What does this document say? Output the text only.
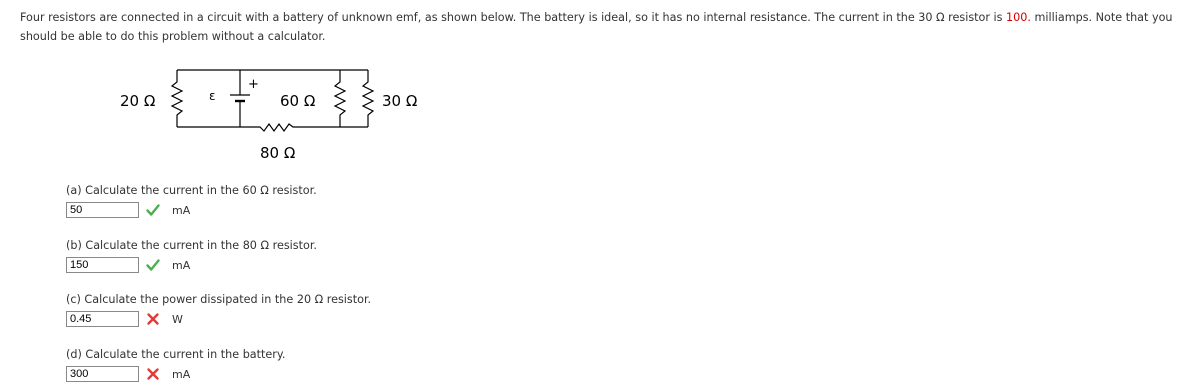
Four resistors are connected in a circuit with a battery of unknown emf, as shown below. The battery is ideal, so it has no internal resistance. The current in the 30 Ω resistor is 100. milliamps. Note that you should be able to do this problem without a calculator.
20 Ω	ε
+
60 Ω	30 Ω
80 Ω
(a) Calculate the current in the 60 Ω resistor.
50	mA
(b) Calculate the current in the 80 Ω resistor.
150	mA
(c) Calculate the power dissipated in the 20 Ω resistor.
0.45	W
(d) Calculate the current in the battery.
300	mA
